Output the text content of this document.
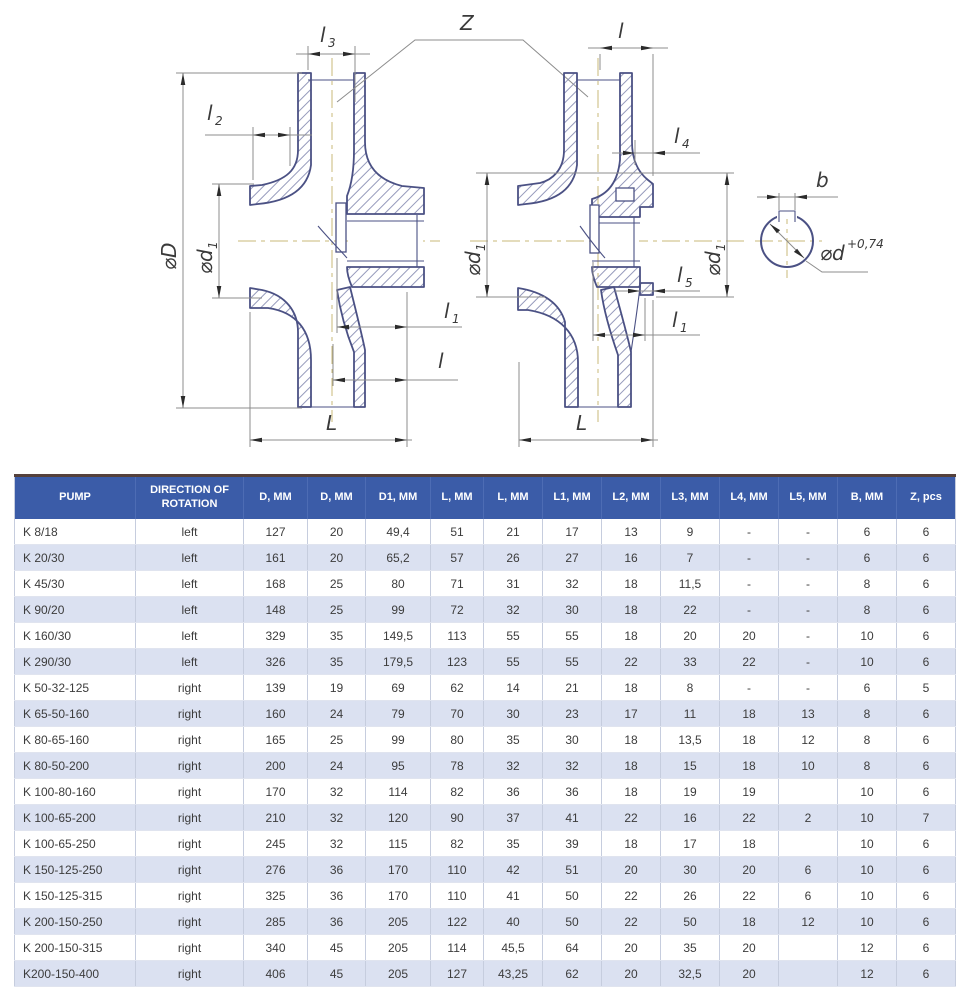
⌀D ⌀d
1
l 3
l 2
l 1
l
L
Z	l
l 4
⌀d
1
⌀d
1
l 5
l 1
L
b
⌀d +0,74
PUMP	DIRECTION OF ROTATION	D, MM	D, MM	D1, MM	L, MM	L, MM	L1, MM	L2, MM	L3, MM	L4, MM	L5, MM	B, MM	Z, pcs
K 8/18	left	127	20	49,4	51	21	17	13	9	-	-	6	6
K 20/30	left	161	20	65,2	57	26	27	16	7	-	-	6	6
K 45/30	left	168	25	80	71	31	32	18	11,5	-	-	8	6
K 90/20	left	148	25	99	72	32	30	18	22	-	-	8	6
K 160/30	left	329	35	149,5	113	55	55	18	20	20	-	10	6
K 290/30	left	326	35	179,5	123	55	55	22	33	22	-	10	6
K 50-32-125	right	139	19	69	62	14	21	18	8	-	-	6	5
K 65-50-160	right	160	24	79	70	30	23	17	11	18	13	8	6
K 80-65-160	right	165	25	99	80	35	30	18	13,5	18	12	8	6
K 80-50-200	right	200	24	95	78	32	32	18	15	18	10	8	6
K 100-80-160	right	170	32	114	82	36	36	18	19	19		10	6
K 100-65-200	right	210	32	120	90	37	41	22	16	22	2	10	7
K 100-65-250	right	245	32	115	82	35	39	18	17	18		10	6
K 150-125-250	right	276	36	170	110	42	51	20	30	20	6	10	6
K 150-125-315	right	325	36	170	110	41	50	22	26	22	6	10	6
K 200-150-250	right	285	36	205	122	40	50	22	50	18	12	10	6
K 200-150-315	right	340	45	205	114	45,5	64	20	35	20		12	6
K200-150-400	right	406	45	205	127	43,25	62	20	32,5	20		12	6
